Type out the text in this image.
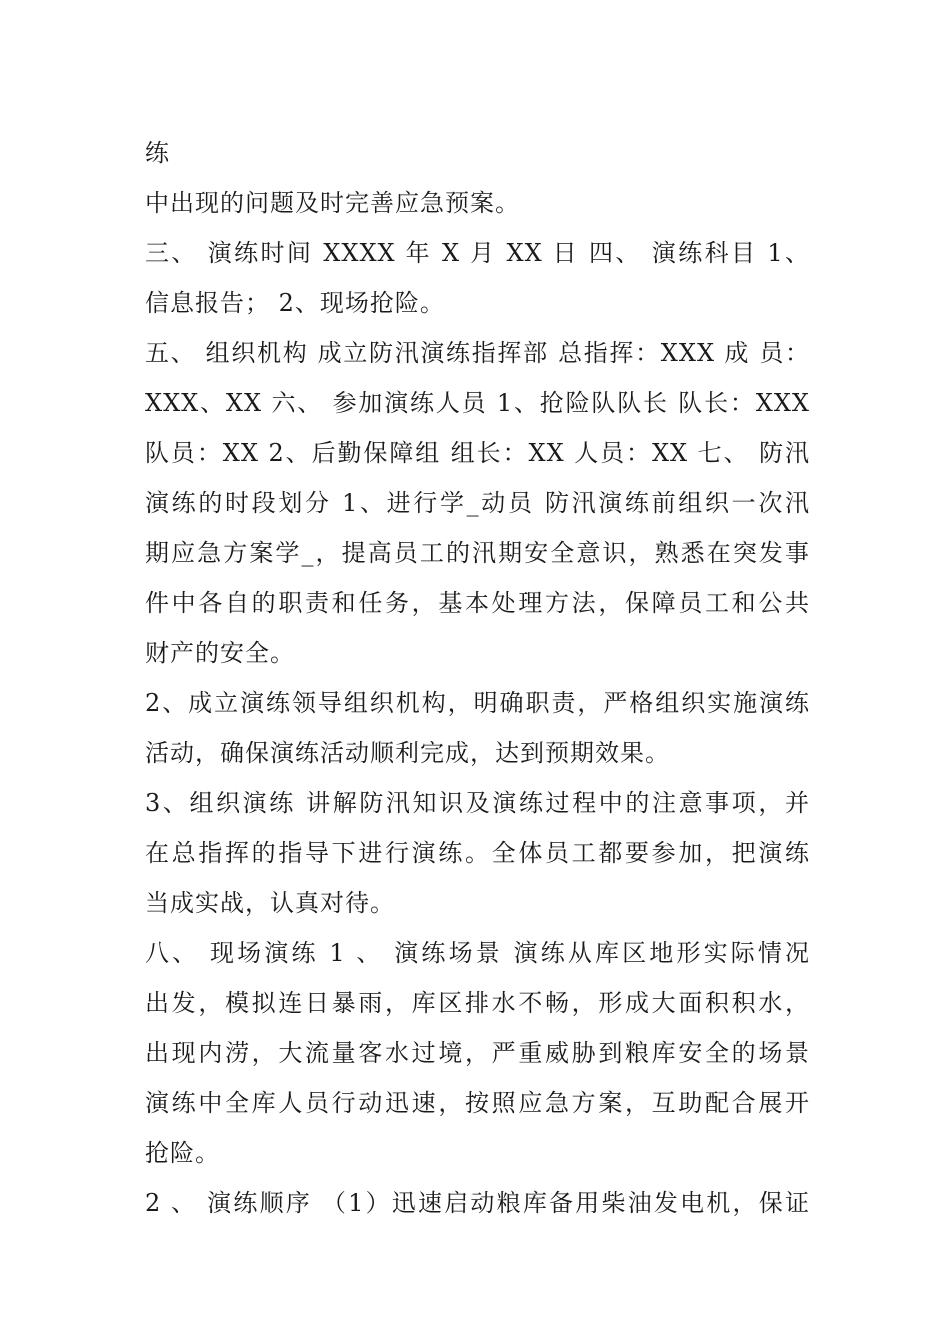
练
中出现的问题及时完善应急预案。
三、 演练时间 XXXX 年 X 月 XX 日 四、 演练科目 1、
信息报告； 2、现场抢险。
五、 组织机构 成立防汛演练指挥部 总指挥：XXX 成 员：
XXX、XX 六、 参加演练人员 1、抢险队队长 队长：XXX
队员：XX 2、后勤保障组 组长：XX 人员：XX 七、 防汛
演练的时段划分 1、进行学_动员 防汛演练前组织一次汛
期应急方案学_，提高员工的汛期安全意识，熟悉在突发事
件中各自的职责和任务，基本处理方法，保障员工和公共
财产的安全。
2、成立演练领导组织机构，明确职责，严格组织实施演练
活动，确保演练活动顺利完成，达到预期效果。
3、组织演练 讲解防汛知识及演练过程中的注意事项，并
在总指挥的指导下进行演练。全体员工都要参加，把演练
当成实战，认真对待。
八、 现场演练 1 、 演练场景 演练从库区地形实际情况
出发，模拟连日暴雨，库区排水不畅，形成大面积积水，
出现内涝，大流量客水过境，严重威胁到粮库安全的场景
演练中全库人员行动迅速，按照应急方案，互助配合展开
抢险。
2 、 演练顺序 （1）迅速启动粮库备用柴油发电机，保证
